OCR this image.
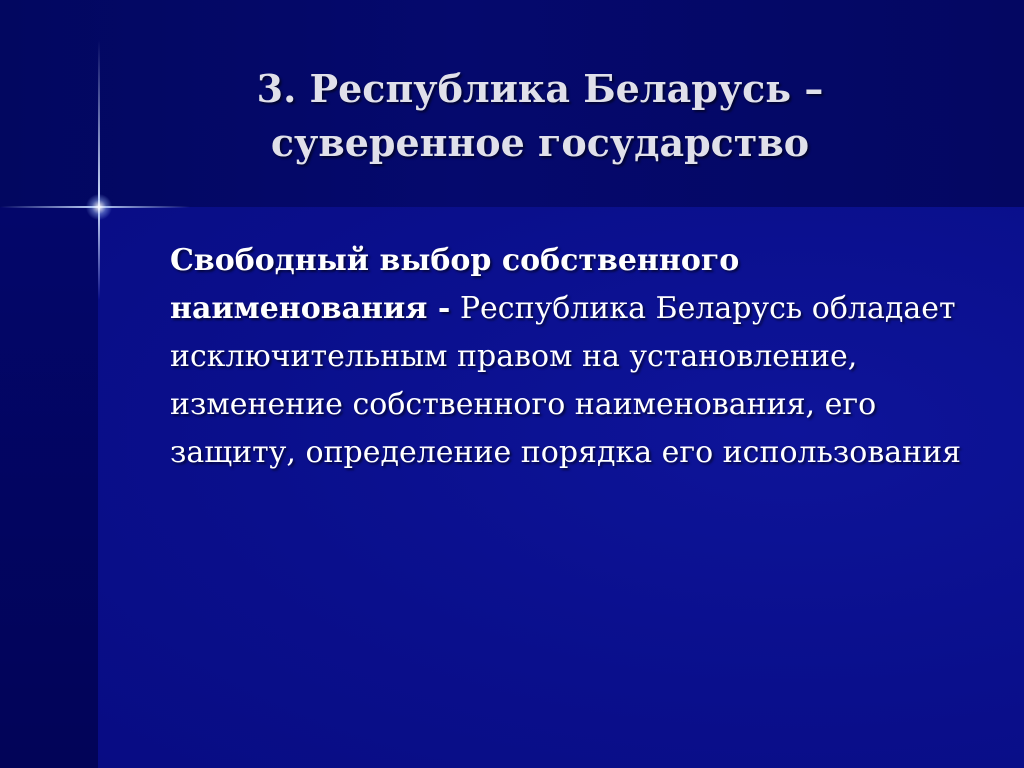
3. Республика Беларусь –
суверенное государство
Свободный выбор собственного наименования - Республика Беларусь обладает исключительным правом на установление, изменение собственного наименования, его защиту, определение порядка его использования
